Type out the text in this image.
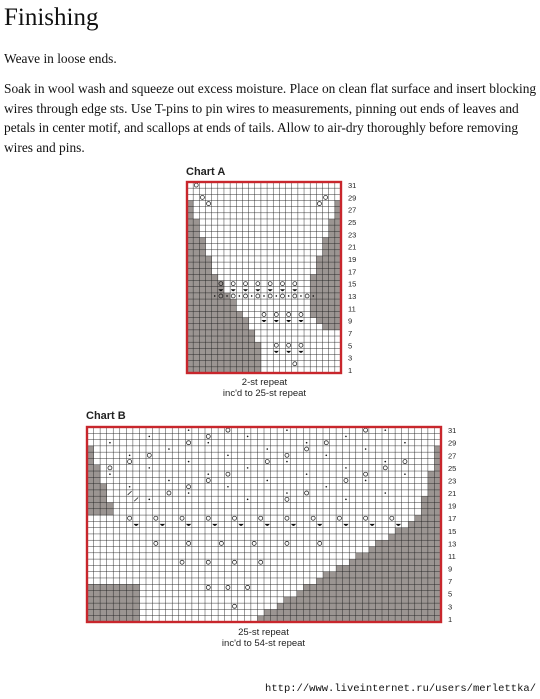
Finishing

Weave in loose ends.

Soak in wool wash and squeeze out excess moisture. Place on clean flat surface and insert blocking wires through edge sts. Use T-pins to pin wires to measurements, pinning out ends of leaves and petals in center motif, and scallops at ends of tails. Allow to air-dry thoroughly before removing wires and pins.

Chart A
2-st repeat
inc'd to 25-st repeat
Chart B
25-st repeat
inc'd to 54-st repeat
31
29
27
25
23
21
19
17
15
13
11
9
7
5
3
1
31
29
27
25
23
21
19
17
15
13
11
9
7
5
3
1
http://www.liveinternet.ru/users/merlettka/
